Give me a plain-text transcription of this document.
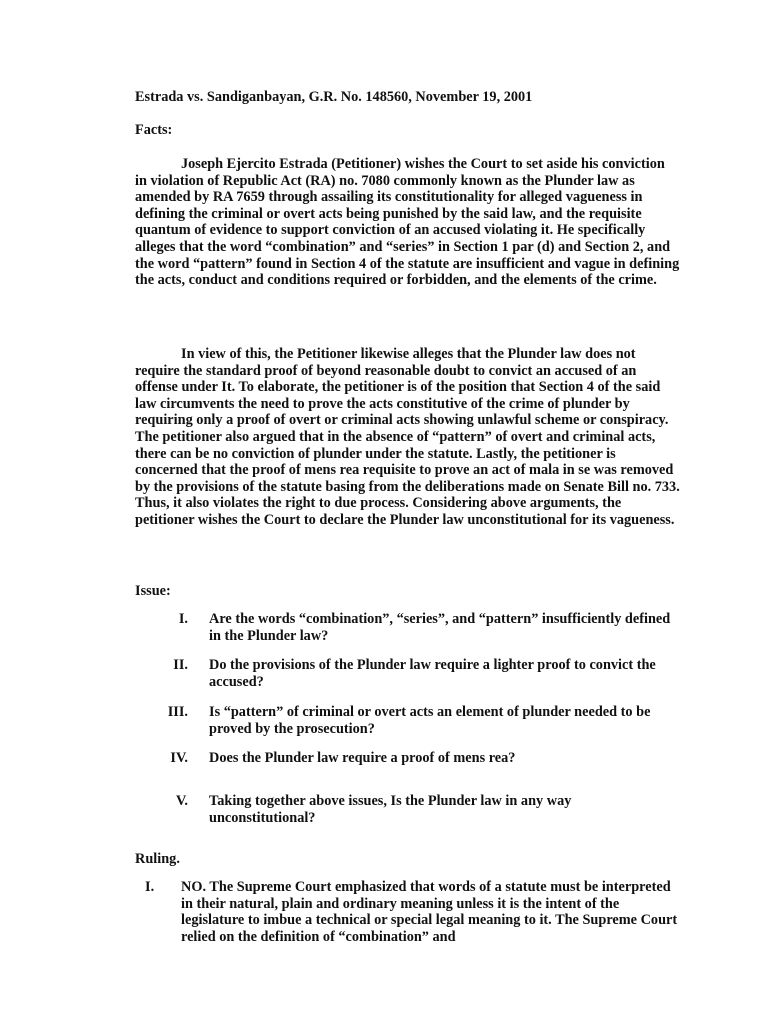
Estrada vs. Sandiganbayan, G.R. No. 148560, November 19, 2001
Facts:

Joseph Ejercito Estrada (Petitioner) wishes the Court to set aside his conviction in violation of Republic Act (RA) no. 7080 commonly known as the Plunder law as amended by RA 7659 through assailing its constitutionality for alleged vagueness in defining the criminal or overt acts being punished by the said law, and the requisite quantum of evidence to support conviction of an accused violating it. He specifically alleges that the word “combination” and “series” in Section 1 par (d) and Section 2, and the word “pattern” found in Section 4 of the statute are insufficient and vague in defining the acts, conduct and conditions required or forbidden, and the elements of the crime.

In view of this, the Petitioner likewise alleges that the Plunder law does not require the standard proof of beyond reasonable doubt to convict an accused of an offense under It. To elaborate, the petitioner is of the position that Section 4 of the said law circumvents the need to prove the acts constitutive of the crime of plunder by requiring only a proof of overt or criminal acts showing unlawful scheme or conspiracy. The petitioner also argued that in the absence of “pattern” of overt and criminal acts, there can be no conviction of plunder under the statute. Lastly, the petitioner is concerned that the proof of mens rea requisite to prove an act of mala in se was removed by the provisions of the statute basing from the deliberations made on Senate Bill no. 733. Thus, it also violates the right to due process. Considering above arguments, the petitioner wishes the Court to declare the Plunder law unconstitutional for its vagueness.

Issue:
I. Are the words “combination”, “series”, and “pattern” insufficiently defined in the Plunder law?
II. Do the provisions of the Plunder law require a lighter proof to convict the accused?
III. Is “pattern” of criminal or overt acts an element of plunder needed to be proved by the prosecution?
IV. Does the Plunder law require a proof of mens rea?
V. Taking together above issues, Is the Plunder law in any way unconstitutional?
Ruling.
I. NO. The Supreme Court emphasized that words of a statute must be interpreted in their natural, plain and ordinary meaning unless it is the intent of the legislature to imbue a technical or special legal meaning to it. The Supreme Court relied on the definition of “combination” and
